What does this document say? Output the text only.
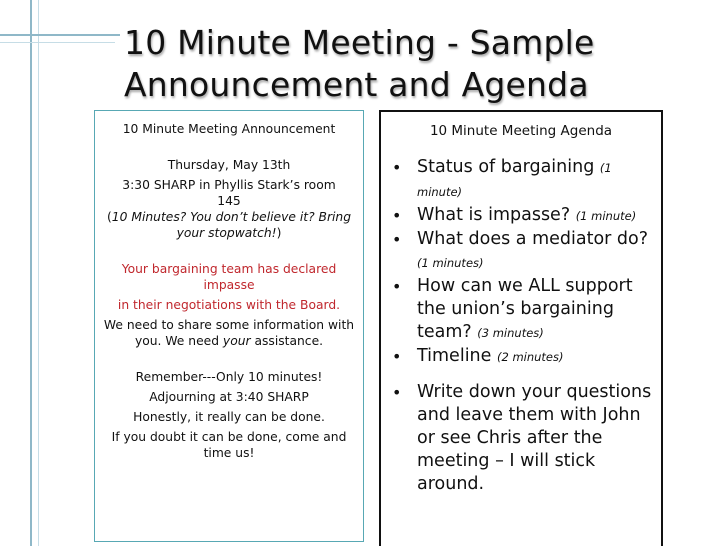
10 Minute Meeting - Sample
Announcement and Agenda

10 Minute Meeting Announcement

Thursday, May 13th

3:30 SHARP in Phyllis Stark’s room
145

(10 Minutes? You don’t believe it? Bring your stopwatch!)

Your bargaining team has declared impasse

in their negotiations with the Board.

We need to share some information with you. We need your assistance.

Remember---Only 10 minutes!

Adjourning at 3:40 SHARP

Honestly, it really can be done.

If you doubt it can be done, come and time us!

10 Minute Meeting Agenda
• Status of bargaining (1 minute)
• What is impasse? (1 minute)
• What does a mediator do? (1 minutes)
• How can we ALL support the union’s bargaining team? (3 minutes)
• Timeline (2 minutes)
• Write down your questions and leave them with John or see Chris after the meeting – I will stick around.
